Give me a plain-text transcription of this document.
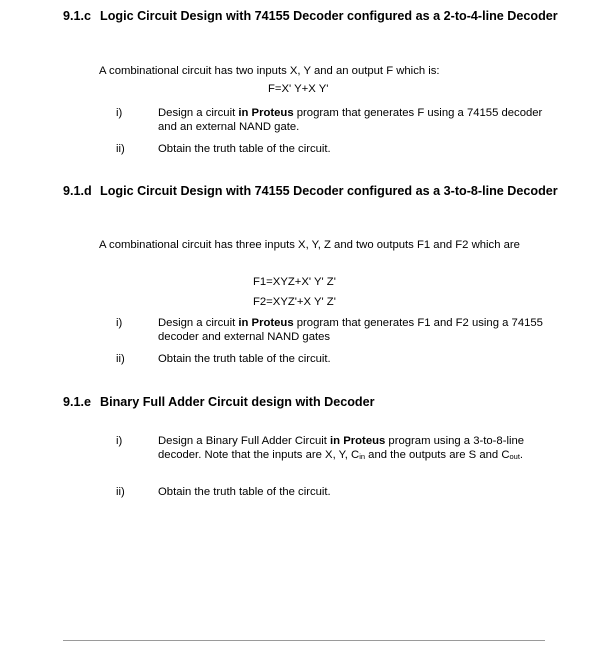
9.1.c Logic Circuit Design with 74155 Decoder configured as a 2-to-4-line Decoder
A combinational circuit has two inputs X, Y and an output F which is:
F=X' Y+X Y'
i)	Design a circuit in Proteus program that generates F using a 74155 decoder and an external NAND gate.
ii)	Obtain the truth table of the circuit.
9.1.d Logic Circuit Design with 74155 Decoder configured as a 3-to-8-line Decoder
A combinational circuit has three inputs X, Y, Z and two outputs F1 and F2 which are
F1=XYZ+X' Y' Z'
F2=XYZ'+X Y' Z'
i)	Design a circuit in Proteus program that generates F1 and F2 using a 74155 decoder and external NAND gates
ii)	Obtain the truth table of the circuit.
9.1.e Binary Full Adder Circuit design with Decoder
i)	Design a Binary Full Adder Circuit in Proteus program using a 3-to-8-line decoder. Note that the inputs are X, Y, $C_{in}$ and the outputs are S and $C_{out}$.
ii)	Obtain the truth table of the circuit.
